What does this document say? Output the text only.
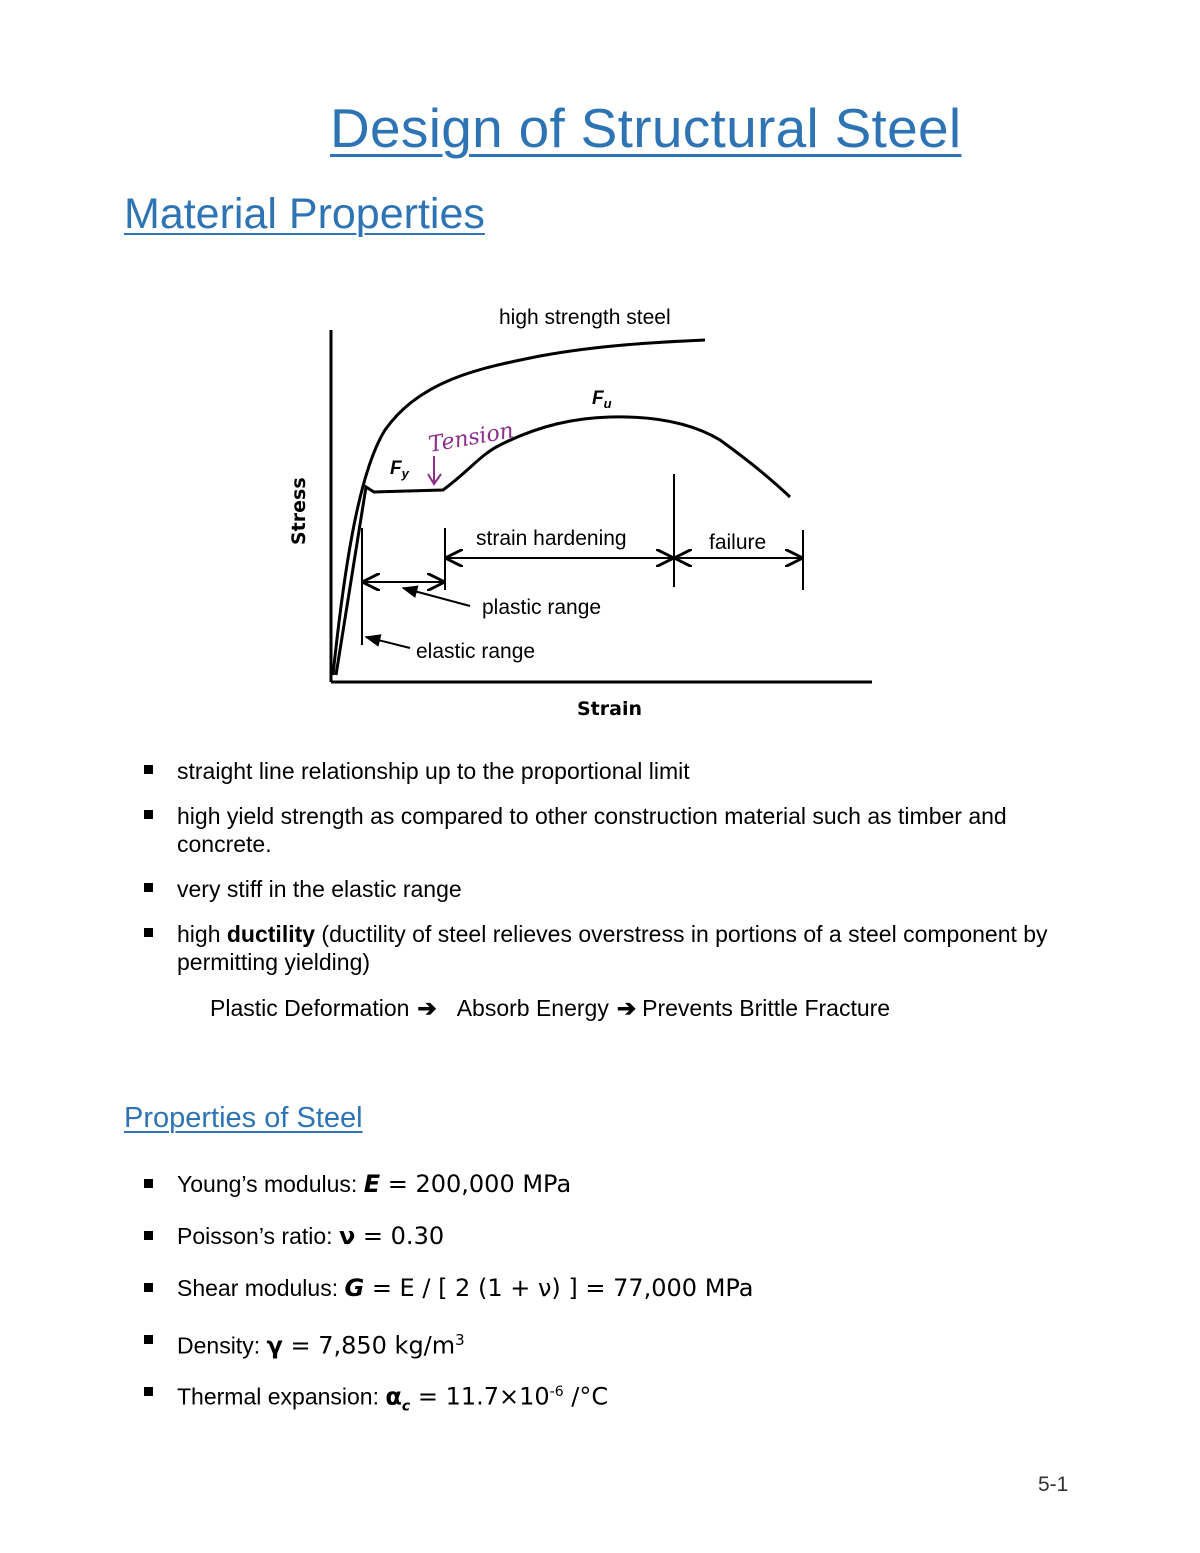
Design of Structural Steel
Material Properties
high strength steel
$F_u$
$F_y$
Tension
strain hardening	failure
plastic range
elastic range
Stress
Strain
straight line relationship up to the proportional limit
high yield strength as compared to other construction material such as timber and concrete.
very stiff in the elastic range
high ductility (ductility of steel relieves overstress in portions of a steel component by permitting yielding)
Plastic Deformation ➔ Absorb Energy ➔ Prevents Brittle Fracture
Properties of Steel
Young’s modulus: E = 200,000 MPa
Poisson’s ratio: ν = 0.30
Shear modulus: G = E / [ 2 (1 + ν) ] = 77,000 MPa
Density: γ = 7,850 $kg/m^3$
Thermal expansion: $\alpha_c = 11.7\times 10^{-6}$ /°C
5-1
